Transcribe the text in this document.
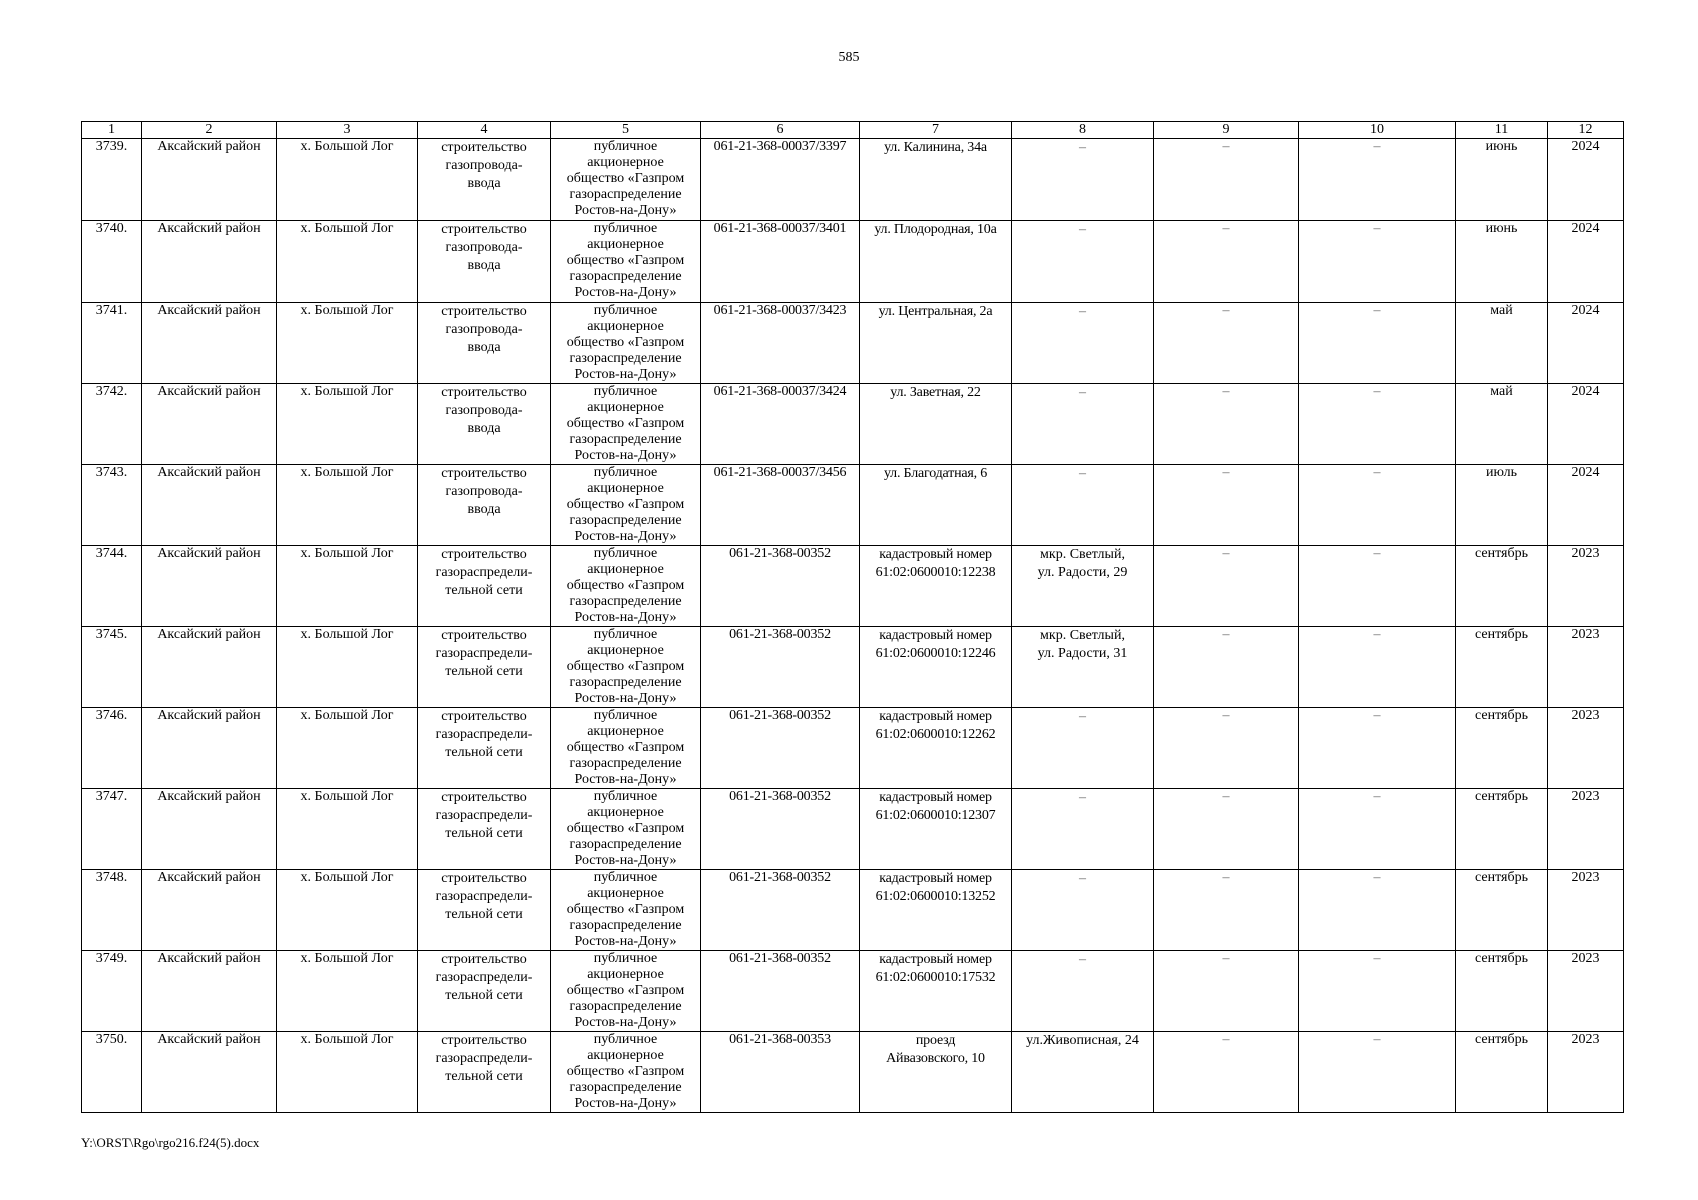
585
1	2	3	4	5	6	7	8	9	10	11	12
3739.	Аксайский район	х. Большой Лог	строительство
газопровода-
ввода	публичное
акционерное
общество «Газпром
газораспределение
Ростов-на-Дону»	061-21-368-00037/3397	ул. Калинина, 34а	–	–	–	июнь	2024
3740.	Аксайский район	х. Большой Лог	строительство
газопровода-
ввода	публичное
акционерное
общество «Газпром
газораспределение
Ростов-на-Дону»	061-21-368-00037/3401	ул. Плодородная, 10а	–	–	–	июнь	2024
3741.	Аксайский район	х. Большой Лог	строительство
газопровода-
ввода	публичное
акционерное
общество «Газпром
газораспределение
Ростов-на-Дону»	061-21-368-00037/3423	ул. Центральная, 2а	–	–	–	май	2024
3742.	Аксайский район	х. Большой Лог	строительство
газопровода-
ввода	публичное
акционерное
общество «Газпром
газораспределение
Ростов-на-Дону»	061-21-368-00037/3424	ул. Заветная, 22	–	–	–	май	2024
3743.	Аксайский район	х. Большой Лог	строительство
газопровода-
ввода	публичное
акционерное
общество «Газпром
газораспределение
Ростов-на-Дону»	061-21-368-00037/3456	ул. Благодатная, 6	–	–	–	июль	2024
3744.	Аксайский район	х. Большой Лог	строительство
газораспредели-
тельной сети	публичное
акционерное
общество «Газпром
газораспределение
Ростов-на-Дону»	061-21-368-00352	кадастровый номер
61:02:0600010:12238	мкр. Светлый,
ул. Радости, 29	–	–	сентябрь	2023
3745.	Аксайский район	х. Большой Лог	строительство
газораспредели-
тельной сети	публичное
акционерное
общество «Газпром
газораспределение
Ростов-на-Дону»	061-21-368-00352	кадастровый номер
61:02:0600010:12246	мкр. Светлый,
ул. Радости, 31	–	–	сентябрь	2023
3746.	Аксайский район	х. Большой Лог	строительство
газораспредели-
тельной сети	публичное
акционерное
общество «Газпром
газораспределение
Ростов-на-Дону»	061-21-368-00352	кадастровый номер
61:02:0600010:12262	–	–	–	сентябрь	2023
3747.	Аксайский район	х. Большой Лог	строительство
газораспредели-
тельной сети	публичное
акционерное
общество «Газпром
газораспределение
Ростов-на-Дону»	061-21-368-00352	кадастровый номер
61:02:0600010:12307	–	–	–	сентябрь	2023
3748.	Аксайский район	х. Большой Лог	строительство
газораспредели-
тельной сети	публичное
акционерное
общество «Газпром
газораспределение
Ростов-на-Дону»	061-21-368-00352	кадастровый номер
61:02:0600010:13252	–	–	–	сентябрь	2023
3749.	Аксайский район	х. Большой Лог	строительство
газораспредели-
тельной сети	публичное
акционерное
общество «Газпром
газораспределение
Ростов-на-Дону»	061-21-368-00352	кадастровый номер
61:02:0600010:17532	–	–	–	сентябрь	2023
3750.	Аксайский район	х. Большой Лог	строительство
газораспредели-
тельной сети	публичное
акционерное
общество «Газпром
газораспределение
Ростов-на-Дону»	061-21-368-00353	проезд
Айвазовского, 10	ул.Живописная, 24	–	–	сентябрь	2023
Y:\ORST\Rgo\rgo216.f24(5).docx
